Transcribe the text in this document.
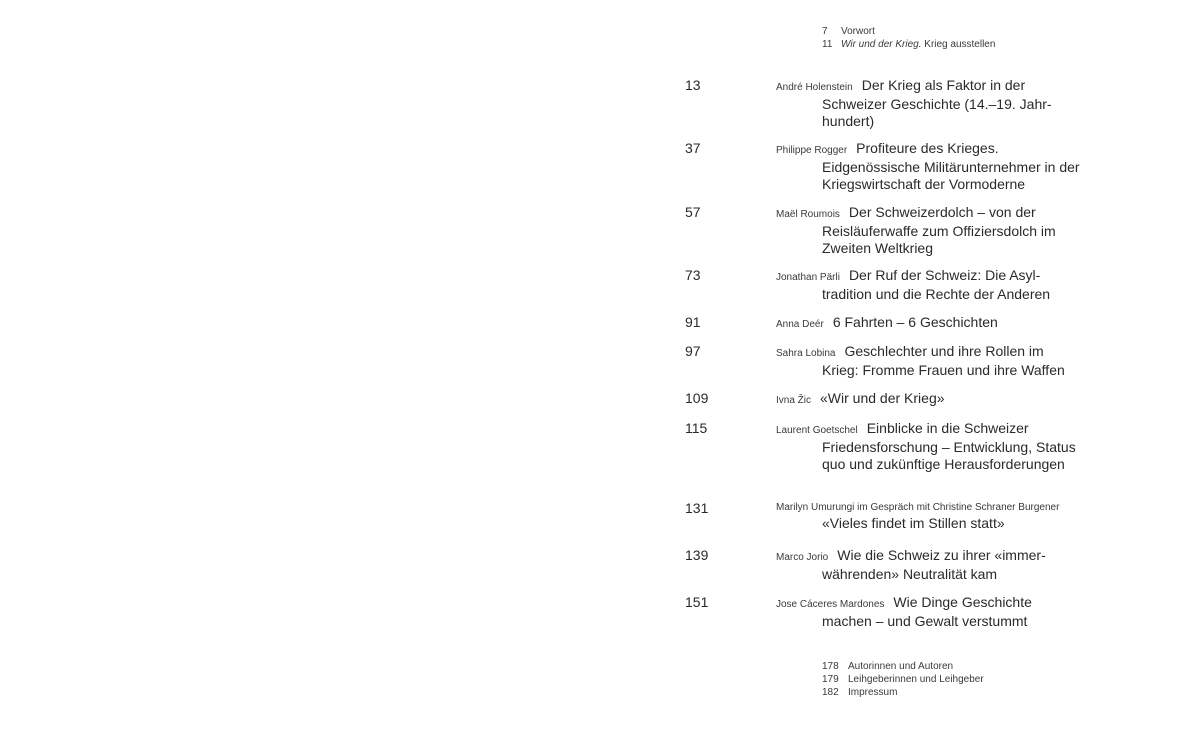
7	Vorwort
11 Wir und der Krieg. Krieg ausstellen
13	André Holenstein Der Krieg als Faktor in der Schweizer Geschichte (14.–19. Jahrhundert)
37	Philippe Rogger Profiteure des Krieges. Eidgenössische Militärunternehmer in der Kriegswirtschaft der Vormoderne
57	Maël Roumois Der Schweizerdolch – von der Reisläuferwaffe zum Offiziersdolch im Zweiten Weltkrieg
73	Jonathan Pärli Der Ruf der Schweiz: Die Asyltradition und die Rechte der Anderen
91	Anna Deér 6 Fahrten – 6 Geschichten
97	Sahra Lobina Geschlechter und ihre Rollen im Krieg: Fromme Frauen und ihre Waffen
109	Ivna Žic «Wir und der Krieg»
115	Laurent Goetschel Einblicke in die Schweizer Friedensforschung – Entwicklung, Status quo und zukünftige Herausforderungen
131	Marilyn Umurungi im Gespräch mit Christine Schraner Burgener
«Vieles findet im Stillen statt»
139	Marco Jorio Wie die Schweiz zu ihrer «immerwährenden» Neutralität kam
151	Jose Cáceres Mardones Wie Dinge Geschichte machen – und Gewalt verstummt
178 Autorinnen und Autoren
179 Leihgeberinnen und Leihgeber
182 Impressum
